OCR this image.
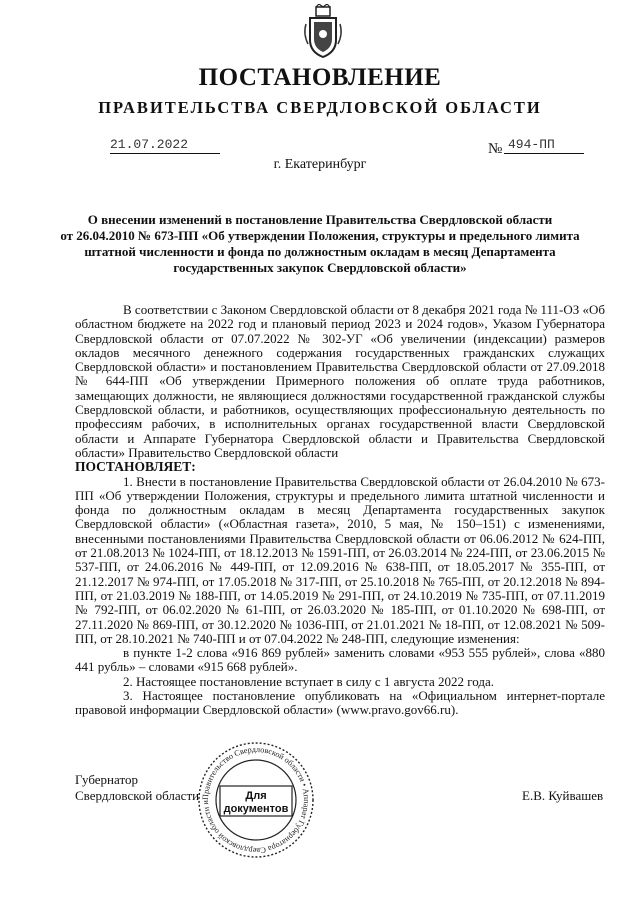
ПОСТАНОВЛЕНИЕ
ПРАВИТЕЛЬСТВА СВЕРДЛОВСКОЙ ОБЛАСТИ
21.07.2022	№ 494-ПП
г. Екатеринбург
О внесении изменений в постановление Правительства Свердловской области
от 26.04.2010 № 673-ПП «Об утверждении Положения, структуры и предельного лимита
штатной численности и фонда по должностным окладам в месяц Департамента
государственных закупок Свердловской области»

В соответствии с Законом Свердловской области от 8 декабря 2021 года № 111-ОЗ «Об областном бюджете на 2022 год и плановый период 2023 и 2024 годов», Указом Губернатора Свердловской области от 07.07.2022 № 302-УГ «Об увеличении (индексации) размеров окладов месячного денежного содержания государственных гражданских служащих Свердловской области» и постановлением Правительства Свердловской области от 27.09.2018 № 644-ПП «Об утверждении Примерного положения об оплате труда работников, замещающих должности, не являющиеся должностями государственной гражданской службы Свердловской области, и работников, осуществляющих профессиональную деятельность по профессиям рабочих, в исполнительных органах государственной власти Свердловской области и Аппарате Губернатора Свердловской области и Правительства Свердловской области» Правительство Свердловской области

ПОСТАНОВЛЯЕТ:

1. Внести в постановление Правительства Свердловской области от 26.04.2010 № 673-ПП «Об утверждении Положения, структуры и предельного лимита штатной численности и фонда по должностным окладам в месяц Департамента государственных закупок Свердловской области» («Областная газета», 2010, 5 мая, № 150–151) с изменениями, внесенными постановлениями Правительства Свердловской области от 06.06.2012 № 624-ПП, от 21.08.2013 № 1024-ПП, от 18.12.2013 № 1591-ПП, от 26.03.2014 № 224-ПП, от 23.06.2015 № 537-ПП, от 24.06.2016 № 449-ПП, от 12.09.2016 № 638-ПП, от 18.05.2017 № 355-ПП, от 21.12.2017 № 974-ПП, от 17.05.2018 № 317-ПП, от 25.10.2018 № 765-ПП, от 20.12.2018 № 894-ПП, от 21.03.2019 № 188-ПП, от 14.05.2019 № 291-ПП, от 24.10.2019 № 735-ПП, от 07.11.2019 № 792-ПП, от 06.02.2020 № 61-ПП, от 26.03.2020 № 185-ПП, от 01.10.2020 № 698-ПП, от 27.11.2020 № 869-ПП, от 30.12.2020 № 1036-ПП, от 21.01.2021 № 18-ПП, от 12.08.2021 № 509-ПП, от 28.10.2021 № 740-ПП и от 07.04.2022 № 248-ПП, следующие изменения:

в пункте 1-2 слова «916 869 рублей» заменить словами «953 555 рублей», слова «880 441 рубль» – словами «915 668 рублей».

2. Настоящее постановление вступает в силу с 1 августа 2022 года.

3. Настоящее постановление опубликовать на «Официальном интернет-портале правовой информации Свердловской области» (www.pravo.gov66.ru).

Губернатор
Свердловской области	Е.В. Куйвашев
Правительство Свердловской области • Аппарат Губернатора Свердловской области и
Для
документов
